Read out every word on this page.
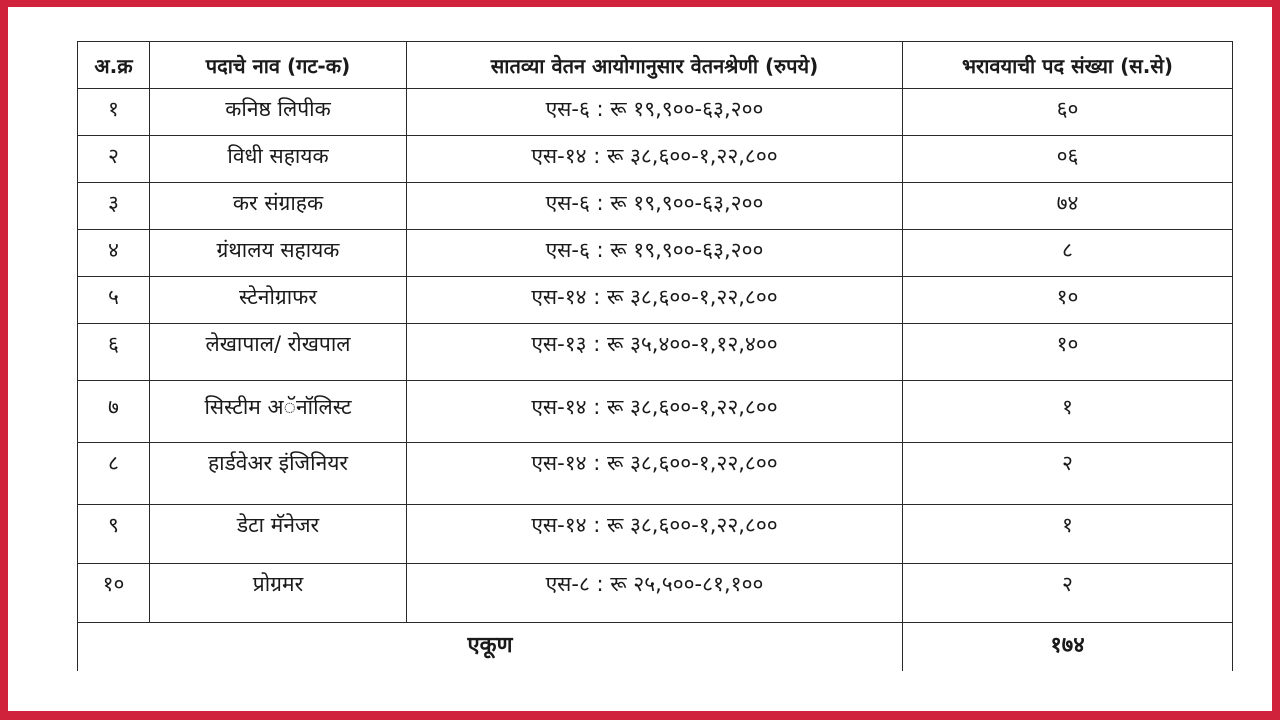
अ.क्र	पदाचे नाव (गट-क)	सातव्या वेतन आयोगानुसार वेतनश्रेणी (रुपये)	भरावयाची पद संख्या (स.से)
१	कनिष्ठ लिपीक	एस-६ : रू १९,९००-६३,२००	६०
२	विधी सहायक	एस-१४ : रू ३८,६००-१,२२,८००	०६
३	कर संग्राहक	एस-६ : रू १९,९००-६३,२००	७४
४	ग्रंथालय सहायक	एस-६ : रू १९,९००-६३,२००	८
५	स्टेनोग्राफर	एस-१४ : रू ३८,६००-१,२२,८००	१०
६	लेखापाल/ रोखपाल	एस-१३ : रू ३५,४००-१,१२,४००	१०
७	सिस्टीम अॅनॉलिस्ट	एस-१४ : रू ३८,६००-१,२२,८००	१
८	हार्डवेअर इंजिनियर	एस-१४ : रू ३८,६००-१,२२,८००	२
९	डेटा मॅनेजर	एस-१४ : रू ३८,६००-१,२२,८००	१
१०	प्रोग्रमर	एस-८ : रू २५,५००-८१,१००	२
एकूण			१७४
